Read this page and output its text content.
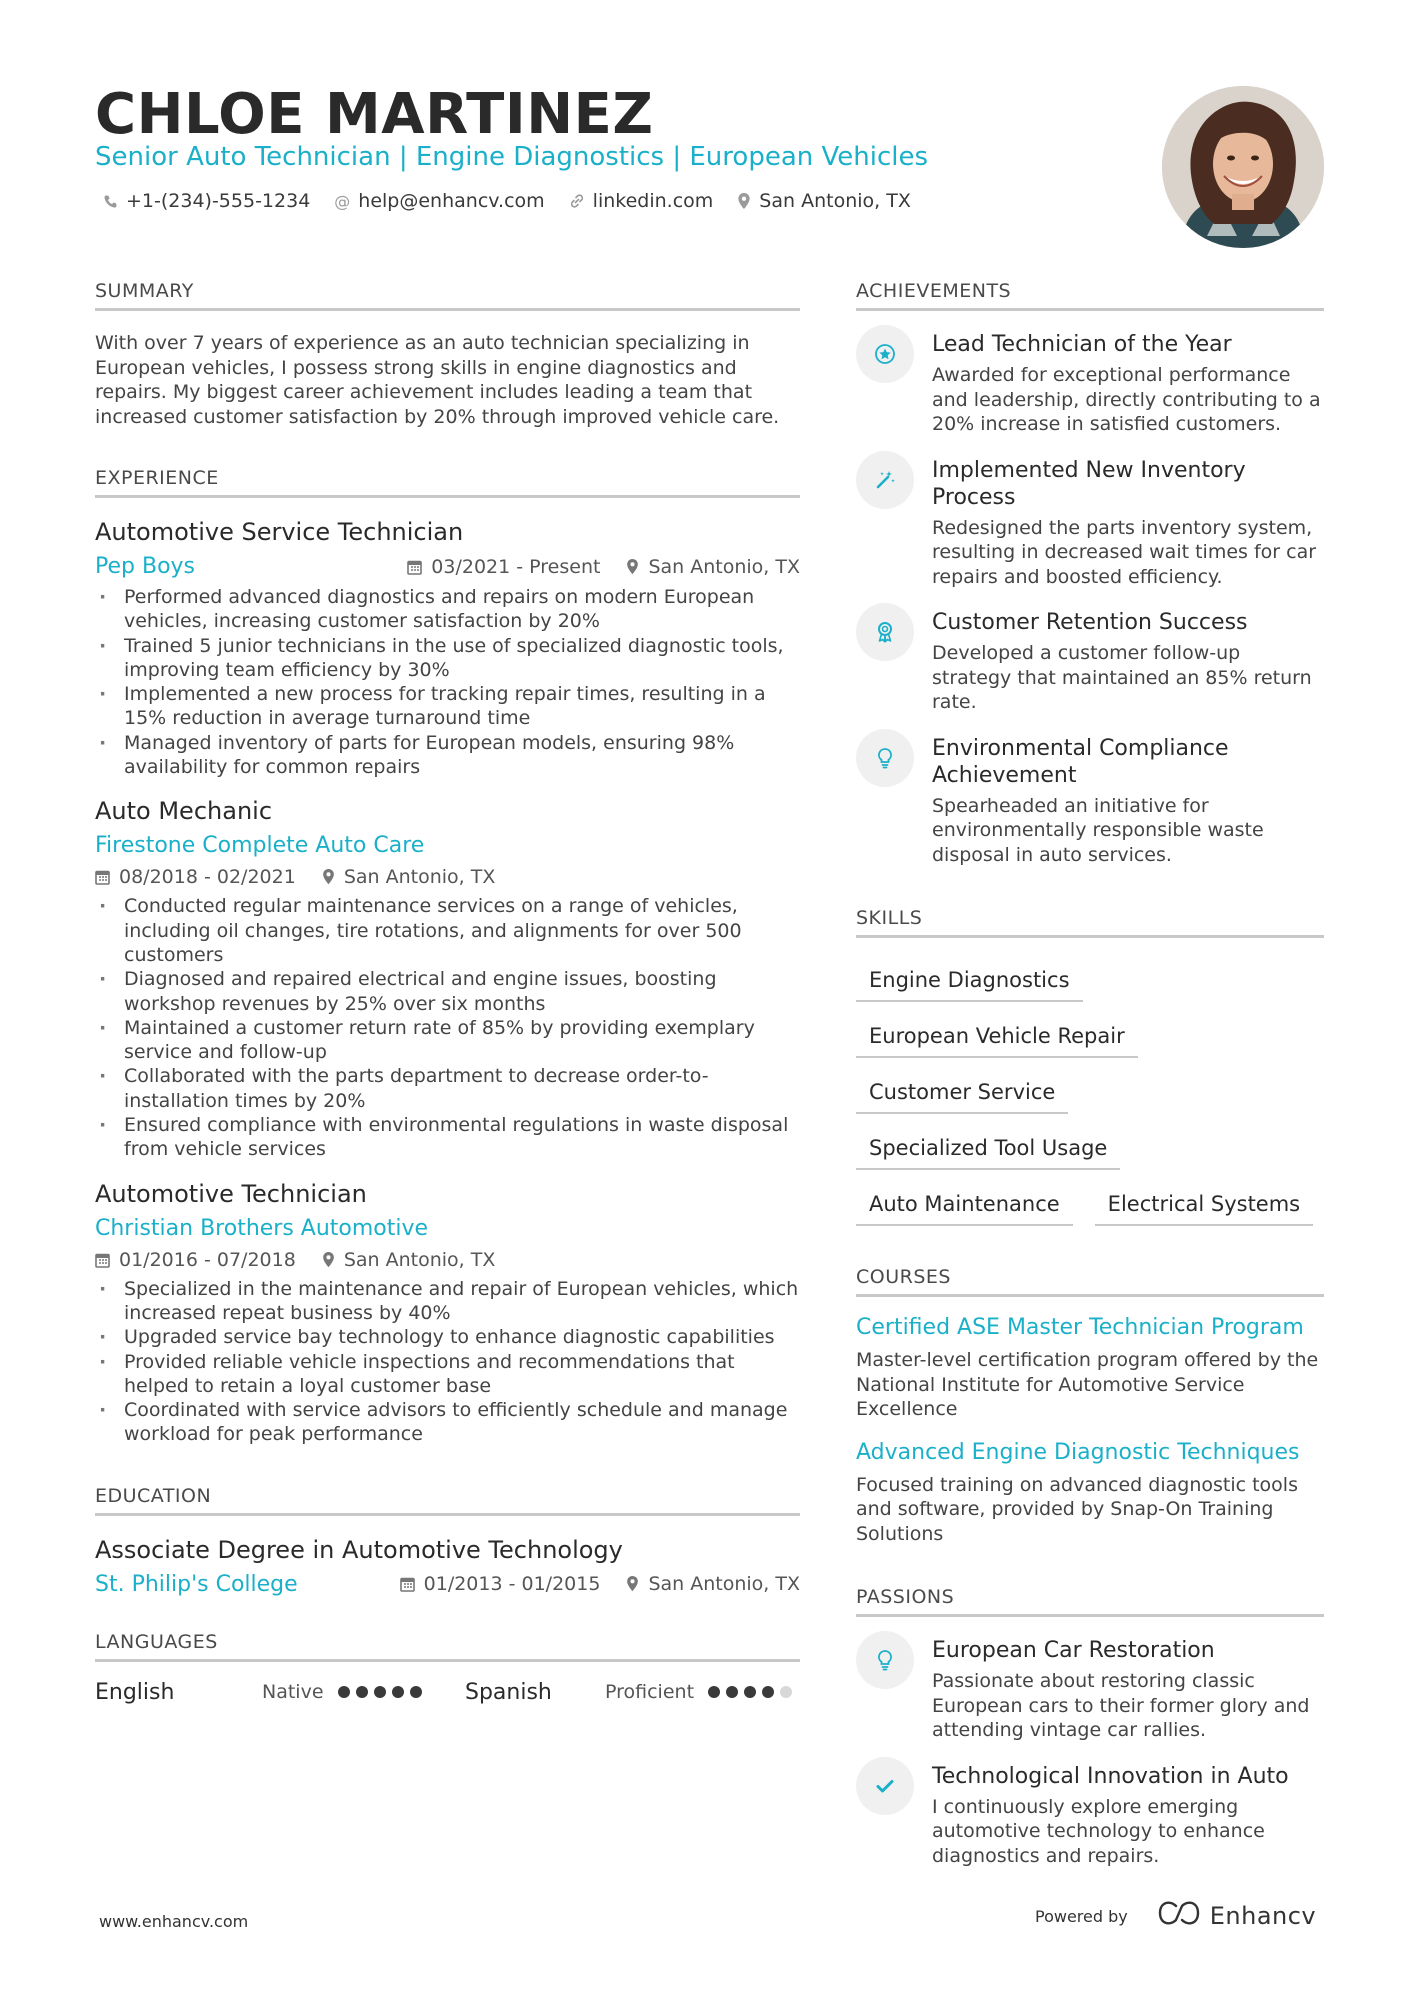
CHLOE MARTINEZ
Senior Auto Technician | Engine Diagnostics | European Vehicles
+1-(234)-555-1234 @ help@enhancv.com	linkedin.com San Antonio, TX
SUMMARY
With over 7 years of experience as an auto technician specializing in European vehicles, I possess strong skills in engine diagnostics and repairs. My biggest career achievement includes leading a team that increased customer satisfaction by 20% through improved vehicle care.
EXPERIENCE
Automotive Service Technician
Pep Boys	03/2021 - Present	San Antonio, TX
· Performed advanced diagnostics and repairs on modern European vehicles, increasing customer satisfaction by 20%
· Trained 5 junior technicians in the use of specialized diagnostic tools, improving team efficiency by 30%
· Implemented a new process for tracking repair times, resulting in a 15% reduction in average turnaround time
· Managed inventory of parts for European models, ensuring 98% availability for common repairs
Auto Mechanic
Firestone Complete Auto Care
08/2018 - 02/2021	San Antonio, TX
· Conducted regular maintenance services on a range of vehicles, including oil changes, tire rotations, and alignments for over 500 customers
· Diagnosed and repaired electrical and engine issues, boosting workshop revenues by 25% over six months
· Maintained a customer return rate of 85% by providing exemplary service and follow-up
· Collaborated with the parts department to decrease order-to-installation times by 20%
· Ensured compliance with environmental regulations in waste disposal from vehicle services
Automotive Technician
Christian Brothers Automotive
01/2016 - 07/2018	San Antonio, TX
· Specialized in the maintenance and repair of European vehicles, which increased repeat business by 40%
· Upgraded service bay technology to enhance diagnostic capabilities
· Provided reliable vehicle inspections and recommendations that helped to retain a loyal customer base
· Coordinated with service advisors to efficiently schedule and manage workload for peak performance
EDUCATION
Associate Degree in Automotive Technology
St. Philip's College	01/2013 - 01/2015	San Antonio, TX
LANGUAGES
English	Native	Spanish	Proficient
ACHIEVEMENTS
Lead Technician of the Year
Awarded for exceptional performance and leadership, directly contributing to a 20% increase in satisfied customers.
Implemented New Inventory Process
Redesigned the parts inventory system, resulting in decreased wait times for car repairs and boosted efficiency.
Customer Retention Success
Developed a customer follow-up strategy that maintained an 85% return rate.
Environmental Compliance Achievement
Spearheaded an initiative for environmentally responsible waste disposal in auto services.
SKILLS
Engine Diagnostics
European Vehicle Repair
Customer Service
Specialized Tool Usage
Auto Maintenance	Electrical Systems
COURSES
Certified ASE Master Technician Program
Master-level certification program offered by the National Institute for Automotive Service Excellence
Advanced Engine Diagnostic Techniques
Focused training on advanced diagnostic tools and software, provided by Snap-On Training Solutions
PASSIONS
European Car Restoration
Passionate about restoring classic European cars to their former glory and attending vintage car rallies.
Technological Innovation in Auto
I continuously explore emerging automotive technology to enhance diagnostics and repairs.
www.enhancv.com	Powered by	Enhancv
